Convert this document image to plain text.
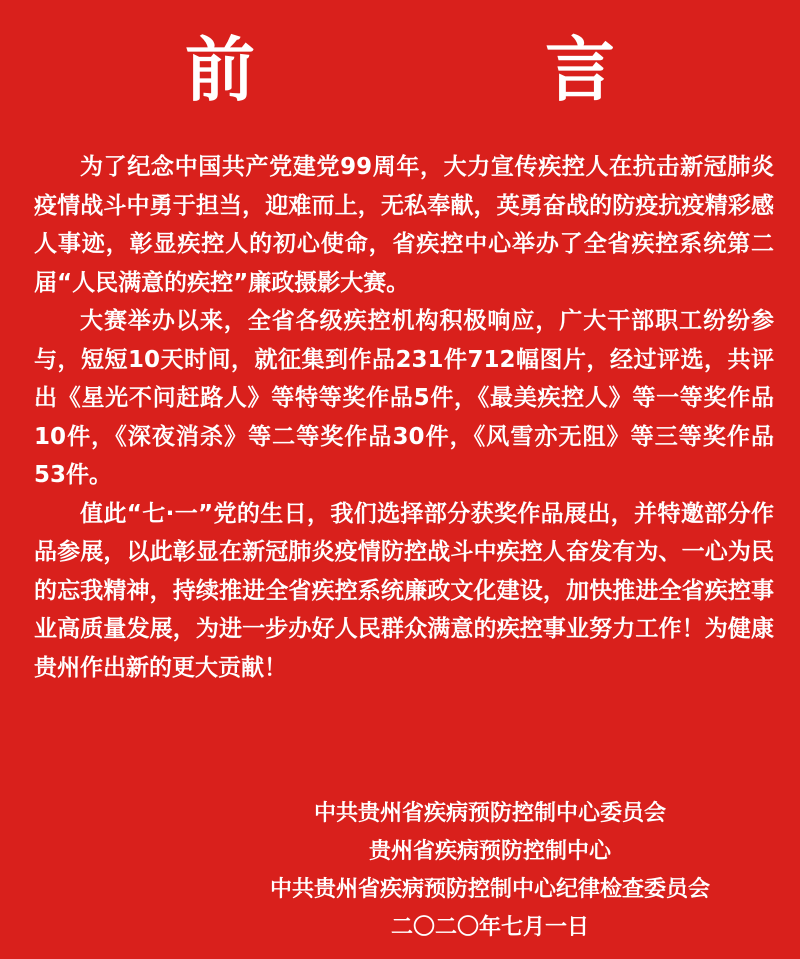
前　言

为了纪念中国共产党建党99周年，大力宣传疾控人在抗击新冠肺炎疫情战斗中勇于担当，迎难而上，无私奉献，英勇奋战的防疫抗疫精彩感人事迹，彰显疾控人的初心使命，省疾控中心举办了全省疾控系统第二届“人民满意的疾控”廉政摄影大赛。

大赛举办以来，全省各级疾控机构积极响应，广大干部职工纷纷参与，短短10天时间，就征集到作品231件712幅图片，经过评选，共评出《星光不问赶路人》等特等奖作品5件，《最美疾控人》等一等奖作品10件，《深夜消杀》等二等奖作品30件，《风雪亦无阻》等三等奖作品53件。

值此“七·一”党的生日，我们选择部分获奖作品展出，并特邀部分作品参展，以此彰显在新冠肺炎疫情防控战斗中疾控人奋发有为、一心为民的忘我精神，持续推进全省疾控系统廉政文化建设，加快推进全省疾控事业高质量发展，为进一步办好人民群众满意的疾控事业努力工作！为健康贵州作出新的更大贡献！

中共贵州省疾病预防控制中心委员会
贵州省疾病预防控制中心
中共贵州省疾病预防控制中心纪律检查委员会
二〇二〇年七月一日
